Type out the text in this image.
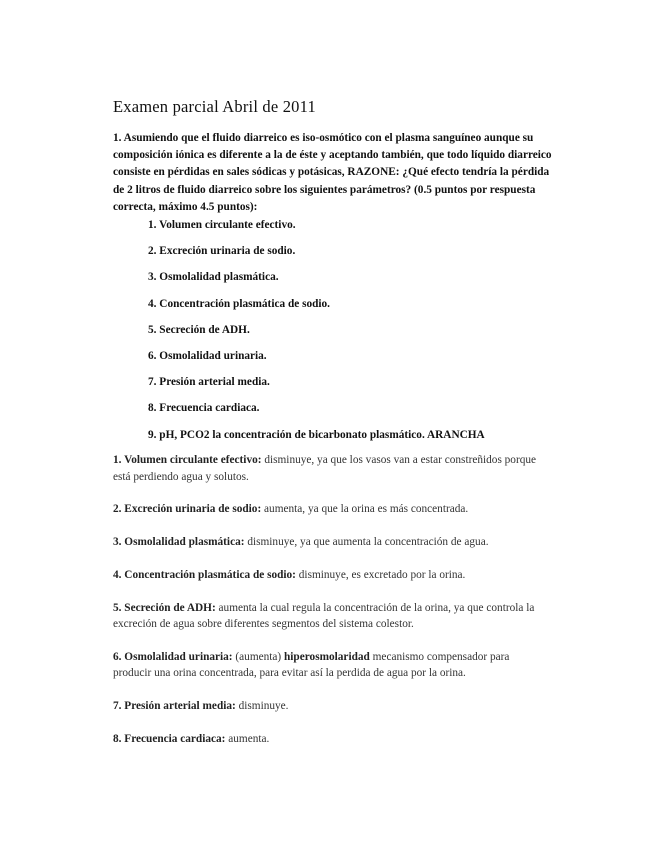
Examen parcial Abril de 2011

1. Asumiendo que el fluido diarreico es iso-osmótico con el plasma sanguíneo aunque su composición iónica es diferente a la de éste y aceptando también, que todo líquido diarreico consiste en pérdidas en sales sódicas y potásicas, RAZONE: ¿Qué efecto tendría la pérdida de 2 litros de fluido diarreico sobre los siguientes parámetros? (0.5 puntos por respuesta correcta, máximo 4.5 puntos):

1. Volumen circulante efectivo.
2. Excreción urinaria de sodio.
3. Osmolalidad plasmática.
4. Concentración plasmática de sodio.
5. Secreción de ADH.
6. Osmolalidad urinaria.
7. Presión arterial media.
8. Frecuencia cardiaca.
9. pH, PCO2 la concentración de bicarbonato plasmático. ARANCHA
1. Volumen circulante efectivo: disminuye, ya que los vasos van a estar constreñidos porque está perdiendo agua y solutos.
2. Excreción urinaria de sodio: aumenta, ya que la orina es más concentrada.
3. Osmolalidad plasmática: disminuye, ya que aumenta la concentración de agua.
4. Concentración plasmática de sodio: disminuye, es excretado por la orina.
5. Secreción de ADH: aumenta la cual regula la concentración de la orina, ya que controla la excreción de agua sobre diferentes segmentos del sistema colestor.
6. Osmolalidad urinaria: (aumenta) hiperosmolaridad mecanismo compensador para producir una orina concentrada, para evitar así la perdida de agua por la orina.
7. Presión arterial media: disminuye.
8. Frecuencia cardiaca: aumenta.
